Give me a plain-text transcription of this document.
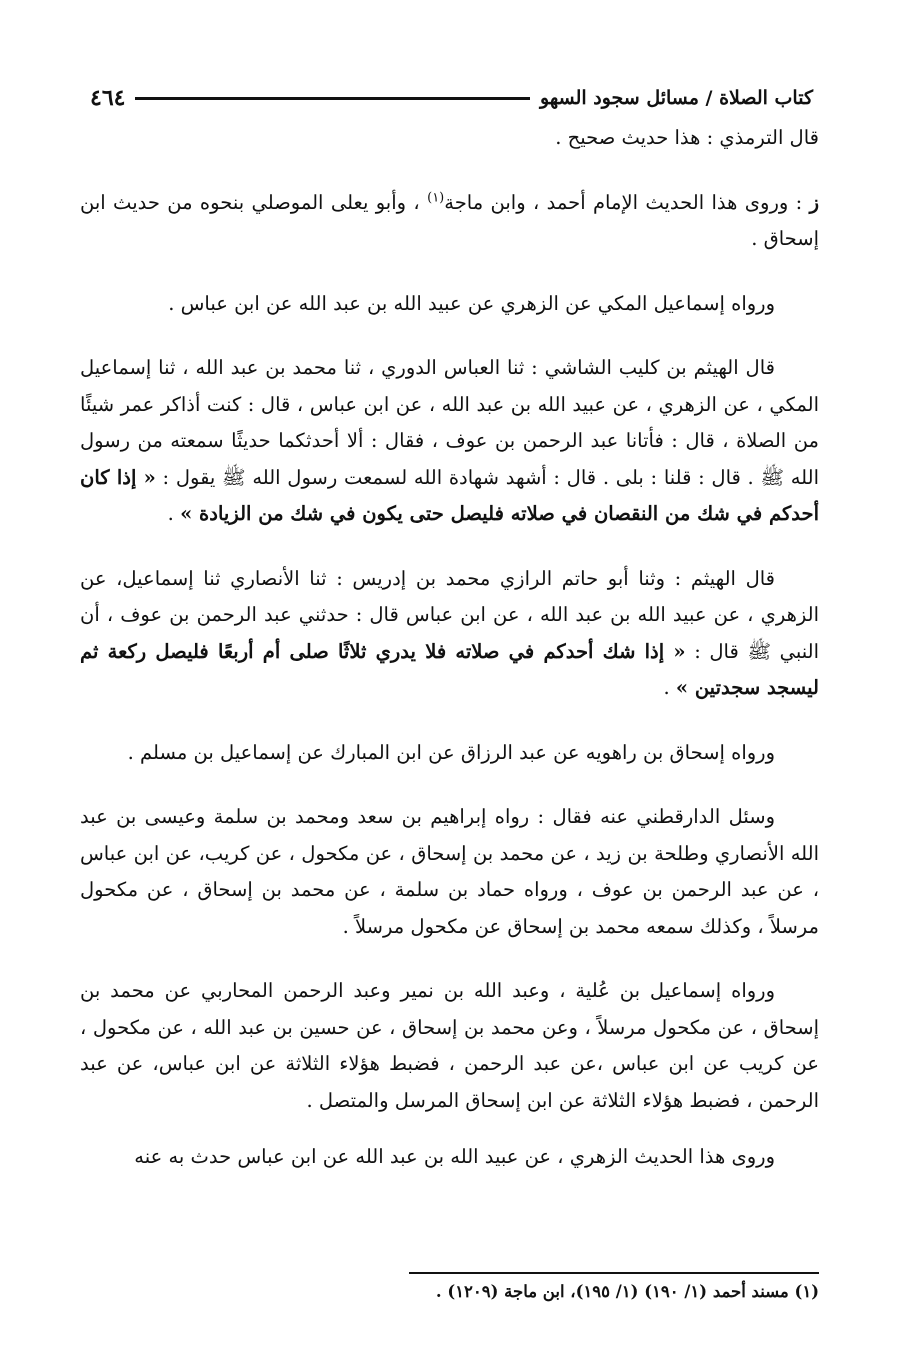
كتاب الصلاة / مسائل سجود السهو
٤٦٤

قال الترمذي : هذا حديث صحيح .

ز : وروى هذا الحديث الإمام أحمد ، وابن ماجة$^{(١)}$ ، وأبو يعلى الموصلي بنحوه من حديث ابن إسحاق .

ورواه إسماعيل المكي عن الزهري عن عبيد الله بن عبد الله عن ابن عباس .

قال الهيثم بن كليب الشاشي : ثنا العباس الدوري ، ثنا محمد بن عبد الله ، ثنا إسماعيل المكي ، عن الزهري ، عن عبيد الله بن عبد الله ، عن ابن عباس ، قال : كنت أذاكر عمر شيئًا من الصلاة ، قال : فأتانا عبد الرحمن بن عوف ، فقال : ألا أحدثكما حديثًا سمعته من رسول الله ﷺ . قال : قلنا : بلى . قال : أشهد شهادة الله لسمعت رسول الله ﷺ يقول : « إذا كان أحدكم في شك من النقصان في صلاته فليصل حتى يكون في شك من الزيادة » .

قال الهيثم : وثنا أبو حاتم الرازي محمد بن إدريس : ثنا الأنصاري ثنا إسماعيل، عن الزهري ، عن عبيد الله بن عبد الله ، عن ابن عباس قال : حدثني عبد الرحمن بن عوف ، أن النبي ﷺ قال : « إذا شك أحدكم في صلاته فلا يدري ثلاثًا صلى أم أربعًا فليصل ركعة ثم ليسجد سجدتين » .

ورواه إسحاق بن راهويه عن عبد الرزاق عن ابن المبارك عن إسماعيل بن مسلم .

وسئل الدارقطني عنه فقال : رواه إبراهيم بن سعد ومحمد بن سلمة وعيسى بن عبد الله الأنصاري وطلحة بن زيد ، عن محمد بن إسحاق ، عن مكحول ، عن كريب، عن ابن عباس ، عن عبد الرحمن بن عوف ، ورواه حماد بن سلمة ، عن محمد بن إسحاق ، عن مكحول مرسلاً ، وكذلك سمعه محمد بن إسحاق عن مكحول مرسلاً .

ورواه إسماعيل بن عُلية ، وعبد الله بن نمير وعبد الرحمن المحاربي عن محمد بن إسحاق ، عن مكحول مرسلاً ، وعن محمد بن إسحاق ، عن حسين بن عبد الله ، عن مكحول ، عن كريب عن ابن عباس ،عن عبد الرحمن ، فضبط هؤلاء الثلاثة عن ابن عباس، عن عبد الرحمن ، فضبط هؤلاء الثلاثة عن ابن إسحاق المرسل والمتصل .

وروى هذا الحديث الزهري ، عن عبيد الله بن عبد الله عن ابن عباس حدث به عنه

(١) مسند أحمد (١/ ١٩٠) (١/ ١٩٥)، ابن ماجة (١٢٠٩) .
